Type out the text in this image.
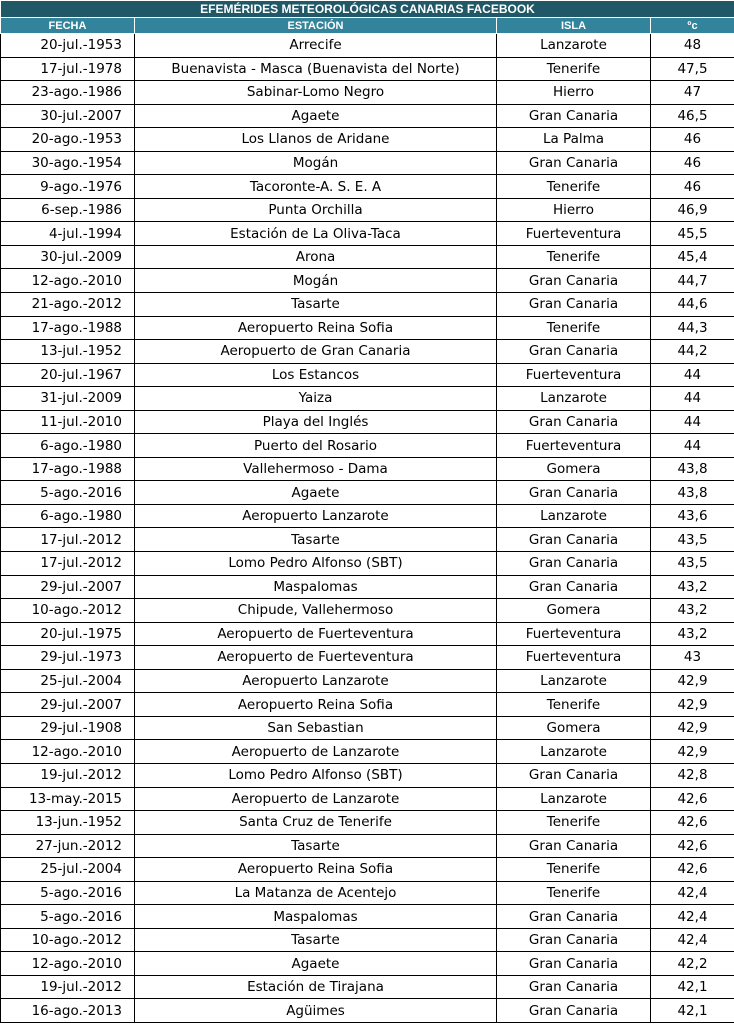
EFEMÉRIDES METEOROLÓGICAS CANARIAS FACEBOOK			
FECHA	ESTACIÓN	ISLA	ºc
20-jul.-1953	Arrecife	Lanzarote	48
17-jul.-1978	Buenavista - Masca (Buenavista del Norte)	Tenerife	47,5
23-ago.-1986	Sabinar-Lomo Negro	Hierro	47
30-jul.-2007	Agaete	Gran Canaria	46,5
20-ago.-1953	Los Llanos de Aridane	La Palma	46
30-ago.-1954	Mogán	Gran Canaria	46
9-ago.-1976	Tacoronte-A. S. E. A	Tenerife	46
6-sep.-1986	Punta Orchilla	Hierro	46,9
4-jul.-1994	Estación de La Oliva-Taca	Fuerteventura	45,5
30-jul.-2009	Arona	Tenerife	45,4
12-ago.-2010	Mogán	Gran Canaria	44,7
21-ago.-2012	Tasarte	Gran Canaria	44,6
17-ago.-1988	Aeropuerto Reina Sofia	Tenerife	44,3
13-jul.-1952	Aeropuerto de Gran Canaria	Gran Canaria	44,2
20-jul.-1967	Los Estancos	Fuerteventura	44
31-jul.-2009	Yaiza	Lanzarote	44
11-jul.-2010	Playa del Inglés	Gran Canaria	44
6-ago.-1980	Puerto del Rosario	Fuerteventura	44
17-ago.-1988	Vallehermoso - Dama	Gomera	43,8
5-ago.-2016	Agaete	Gran Canaria	43,8
6-ago.-1980	Aeropuerto Lanzarote	Lanzarote	43,6
17-jul.-2012	Tasarte	Gran Canaria	43,5
17-jul.-2012	Lomo Pedro Alfonso (SBT)	Gran Canaria	43,5
29-jul.-2007	Maspalomas	Gran Canaria	43,2
10-ago.-2012	Chipude, Vallehermoso	Gomera	43,2
20-jul.-1975	Aeropuerto de Fuerteventura	Fuerteventura	43,2
29-jul.-1973	Aeropuerto de Fuerteventura	Fuerteventura	43
25-jul.-2004	Aeropuerto Lanzarote	Lanzarote	42,9
29-jul.-2007	Aeropuerto Reina Sofia	Tenerife	42,9
29-jul.-1908	San Sebastian	Gomera	42,9
12-ago.-2010	Aeropuerto de Lanzarote	Lanzarote	42,9
19-jul.-2012	Lomo Pedro Alfonso (SBT)	Gran Canaria	42,8
13-may.-2015	Aeropuerto de Lanzarote	Lanzarote	42,6
13-jun.-1952	Santa Cruz de Tenerife	Tenerife	42,6
27-jun.-2012	Tasarte	Gran Canaria	42,6
25-jul.-2004	Aeropuerto Reina Sofia	Tenerife	42,6
5-ago.-2016	La Matanza de Acentejo	Tenerife	42,4
5-ago.-2016	Maspalomas	Gran Canaria	42,4
10-ago.-2012	Tasarte	Gran Canaria	42,4
12-ago.-2010	Agaete	Gran Canaria	42,2
19-jul.-2012	Estación de Tirajana	Gran Canaria	42,1
16-ago.-2013	Agüimes	Gran Canaria	42,1
